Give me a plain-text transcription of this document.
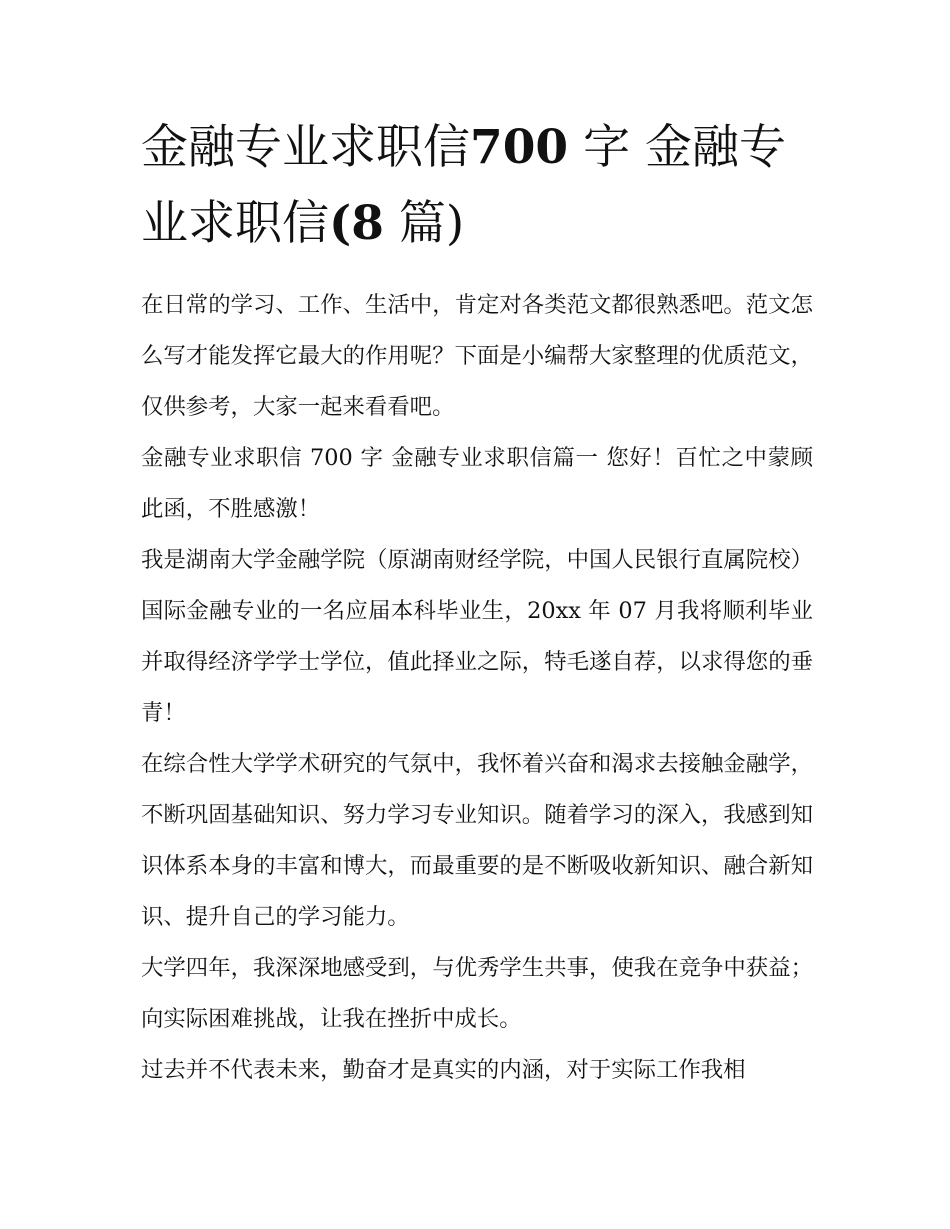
金融专业求职信700 字 金融专业求职信(8 篇)

在日常的学习、工作、生活中，肯定对各类范文都很熟悉吧。范文怎么写才能发挥它最大的作用呢？下面是小编帮大家整理的优质范文，仅供参考，大家一起来看看吧。

金融专业求职信 700 字 金融专业求职信篇一 您好！百忙之中蒙顾此函，不胜感激！

我是湖南大学金融学院（原湖南财经学院，中国人民银行直属院校）国际金融专业的一名应届本科毕业生，20xx 年 07 月我将顺利毕业并取得经济学学士学位，值此择业之际，特毛遂自荐，以求得您的垂青！

在综合性大学学术研究的气氛中，我怀着兴奋和渴求去接触金融学，不断巩固基础知识、努力学习专业知识。随着学习的深入，我感到知识体系本身的丰富和博大，而最重要的是不断吸收新知识、融合新知识、提升自己的学习能力。

大学四年，我深深地感受到，与优秀学生共事，使我在竞争中获益；向实际困难挑战，让我在挫折中成长。

过去并不代表未来，勤奋才是真实的内涵，对于实际工作我相
